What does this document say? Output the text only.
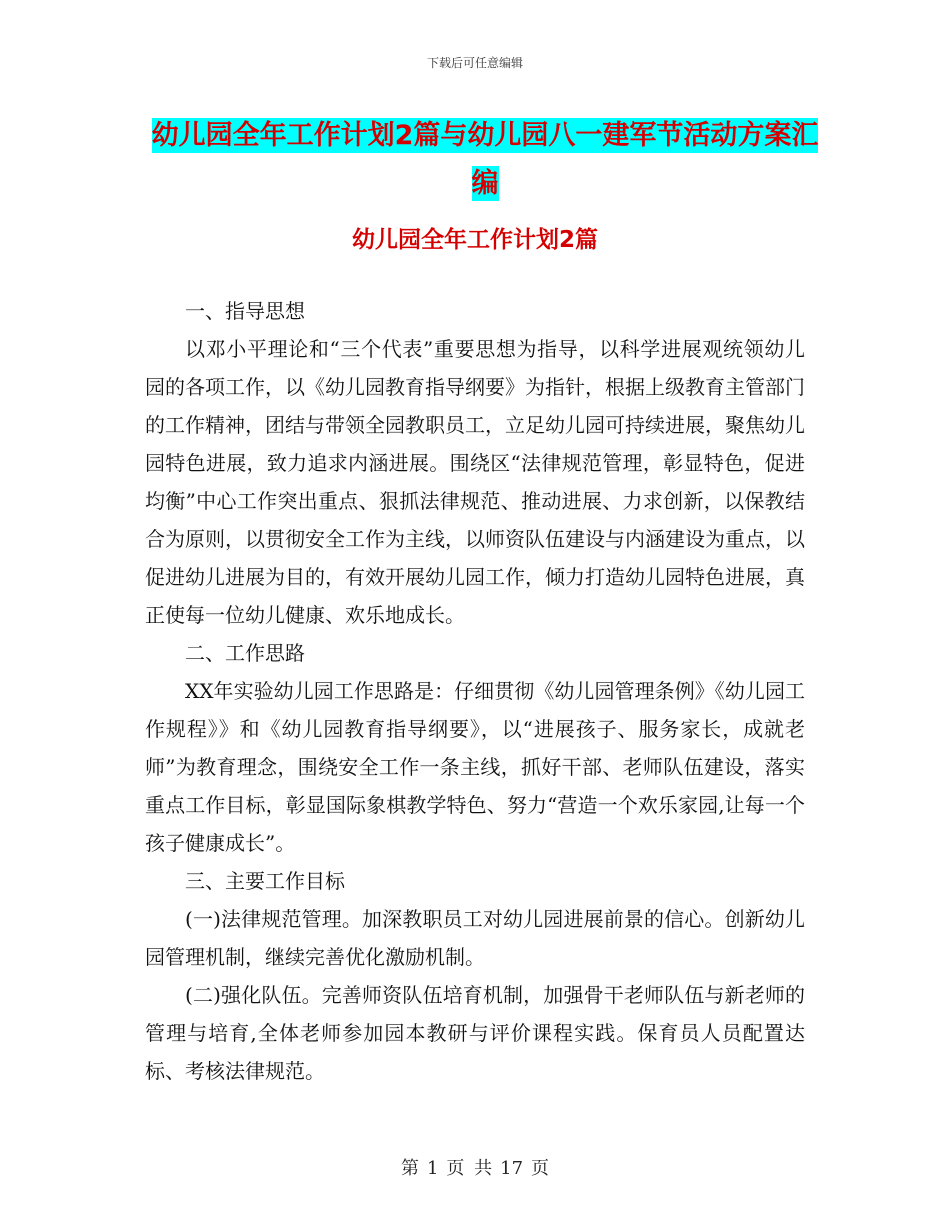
下载后可任意编辑
幼儿园全年工作计划2篇与幼儿园八一建军节活动方案汇编
幼儿园全年工作计划2篇

一、指导思想

以邓小平理论和“三个代表”重要思想为指导，以科学进展观统领幼儿园的各项工作，以《幼儿园教育指导纲要》为指针，根据上级教育主管部门的工作精神，团结与带领全园教职员工，立足幼儿园可持续进展，聚焦幼儿园特色进展，致力追求内涵进展。围绕区“法律规范管理，彰显特色，促进均衡”中心工作突出重点、狠抓法律规范、推动进展、力求创新，以保教结合为原则，以贯彻安全工作为主线，以师资队伍建设与内涵建设为重点，以促进幼儿进展为目的，有效开展幼儿园工作，倾力打造幼儿园特色进展，真正使每一位幼儿健康、欢乐地成长。

二、工作思路

XX年实验幼儿园工作思路是：仔细贯彻《幼儿园管理条例》《幼儿园工作规程》》和《幼儿园教育指导纲要》，以“进展孩子、服务家长，成就老师”为教育理念，围绕安全工作一条主线，抓好干部、老师队伍建设，落实重点工作目标，彰显国际象棋教学特色、努力“营造一个欢乐家园,让每一个孩子健康成长”。

三、主要工作目标

(一)法律规范管理。加深教职员工对幼儿园进展前景的信心。创新幼儿园管理机制，继续完善优化激励机制。

(二)强化队伍。完善师资队伍培育机制，加强骨干老师队伍与新老师的管理与培育,全体老师参加园本教研与评价课程实践。保育员人员配置达标、考核法律规范。

第 1 页 共 17 页
